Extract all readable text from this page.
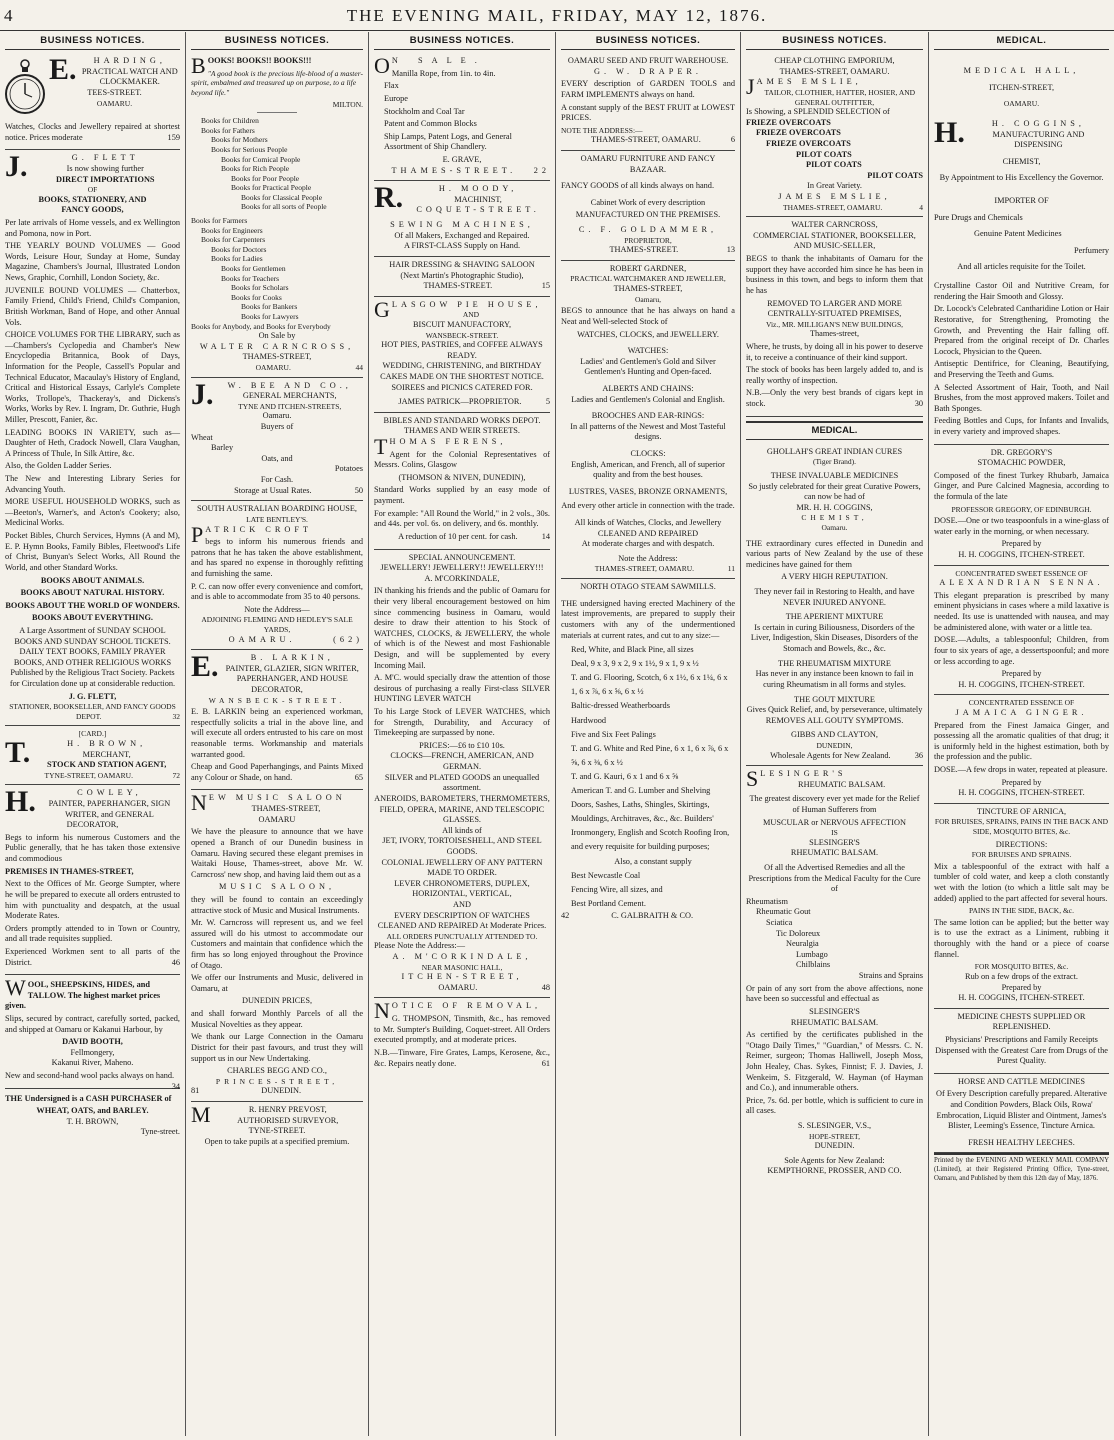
4	THE EVENING MAIL, FRIDAY, MAY 12, 1876.
BUSINESS NOTICES.
E.	HARDING,
PRACTICAL WATCH AND
CLOCKMAKER.
TEES-STREET.
OAMARU.

Watches, Clocks and Jewellery repaired at shortest notice. Prices moderate	159

J.	G. FLETT
Is now showing further
DIRECT IMPORTATIONS
OF
BOOKS, STATIONERY, AND
FANCY GOODS,

Per late arrivals of Home vessels, and ex Wellington and Pomona, now in Port.

THE YEARLY BOUND VOLUMES — Good Words, Leisure Hour, Sunday at Home, Sunday Magazine, Chambers's Journal, Illustrated London News, Graphic, Cornhill, London Society, &c.

JUVENILE BOUND VOLUMES — Chatterbox, Family Friend, Child's Friend, Child's Companion, British Workman, Band of Hope, and other Annual Vols.

CHOICE VOLUMES FOR THE LIBRARY, such as—Chambers's Cyclopedia and Chamber's New Encyclopedia Britannica, Book of Days, Information for the People, Cassell's Popular and Technical Educator, Macaulay's History of England, Critical and Historical Essays, Carlyle's Complete Works, Trollope's, Thackeray's, and Dickens's Works, Works by Rev. I. Ingram, Dr. Guthrie, Hugh Miller, Prescott, Fanier, &c.

LEADING BOOKS IN VARIETY, such as—Daughter of Heth, Cradock Nowell, Clara Vaughan, A Princess of Thule, In Silk Attire, &c.

Also, the Golden Ladder Series.

The New and Interesting Library Series for Advancing Youth.

MORE USEFUL HOUSEHOLD WORKS, such as—Beeton's, Warner's, and Acton's Cookery; also, Medicinal Works.

Pocket Bibles, Church Services, Hymns (A and M), E. P. Hymn Books, Family Bibles, Fleetwood's Life of Christ, Bunyan's Select Works, All Round the World, and other Standard Works.

BOOKS ABOUT ANIMALS.

BOOKS ABOUT NATURAL HISTORY.

BOOKS ABOUT THE WORLD OF WONDERS.

BOOKS ABOUT EVERYTHING.

A Large Assortment of SUNDAY SCHOOL BOOKS AND SUNDAY SCHOOL TICKETS. DAILY TEXT BOOKS, FAMILY PRAYER BOOKS, AND OTHER RELIGIOUS WORKS Published by the Religious Tract Society. Packets for Circulation done up at considerable reduction.

J. G. FLETT,
STATIONER, BOOKSELLER, AND FANCY GOODS DEPOT.	32
[CARD.]
T.	H. BROWN,
MERCHANT,
STOCK AND STATION AGENT,
TYNE-STREET, OAMARU.	72
H.	COWLEY,
PAINTER, PAPERHANGER, SIGN
WRITER, and GENERAL
DECORATOR,

Begs to inform his numerous Customers and the Public generally, that he has taken those extensive and commodious

PREMISES IN THAMES-STREET,

Next to the Offices of Mr. George Sumpter, where he will be prepared to execute all orders entrusted to him with punctuality and despatch, at the usual Moderate Rates.

Orders promptly attended to in Town or Country, and all trade requisites supplied.

Experienced Workmen sent to all parts of the District.	46

W OOL, SHEEPSKINS, HIDES, and TALLOW. The highest market prices given.

Slips, secured by contract, carefully sorted, packed, and shipped at Oamaru or Kakanui Harbour, by

DAVID BOOTH,
Fellmongery,
Kakanui River, Maheno.

New and second-hand wool packs always on hand.
34

THE Undersigned is a CASH PURCHASER of

WHEAT, OATS, and BARLEY.
T. H. BROWN,
Tyne-street.
BUSINESS NOTICES.
B OOKS! BOOKS!! BOOKS!!!

"A good book is the precious life-blood of a master-spirit, embalmed and treasured up on purpose, to a life beyond life."

MILTON.
Books for Children
Books for Fathers
Books for Mothers
Books for Serious People
Books for Comical People
Books for Rich People
Books for Poor People
Books for Practical People
Books for Classical People
Books for all sorts of People
Books for Farmers
Books for Engineers
Books for Carpenters
Books for Doctors
Books for Ladies
Books for Gentlemen
Books for Teachers
Books for Scholars
Books for Cooks
Books for Bankers
Books for Lawyers
Books for Anybody, and Books for Everybody
On Sale by
WALTER CARNCROSS,
THAMES-STREET,
OAMARU.	44
J.	W. BEE AND CO.,
GENERAL MERCHANTS,
TYNE AND ITCHEN-STREETS,
Oamaru.
Buyers of
Wheat
Barley
Oats, and
Potatoes
For Cash.
Storage at Usual Rates.	50
SOUTH AUSTRALIAN BOARDING HOUSE,
LATE BENTLEY'S.
P ATRICK CROFT

begs to inform his numerous friends and patrons that he has taken the above establishment, and has spared no expense in thoroughly refitting and furnishing the same.

P. C. can now offer every convenience and comfort, and is able to accommodate from 35 to 40 persons.

Note the Address—
ADJOINING FLEMING AND HEDLEY'S SALE YARDS,
OAMARU.	(62)
E.	B. LARKIN,
PAINTER, GLAZIER, SIGN WRITER,
PAPERHANGER, AND HOUSE
DECORATOR,
WANSBECK-STREET.

E. B. LARKIN being an experienced workman, respectfully solicits a trial in the above line, and will execute all orders entrusted to his care on most reasonable terms. Workmanship and materials warranted good.

Cheap and Good Paperhangings, and Paints Mixed any Colour or Shade, on hand.	65

N EW MUSIC SALOON
THAMES-STREET,
OAMARU

We have the pleasure to announce that we have opened a Branch of our Dunedin business in Oamaru. Having secured these elegant premises in Waitaki House, Thames-street, above Mr. W. Carncross' new shop, and having laid them out as a

MUSIC SALOON,

they will be found to contain an exceedingly attractive stock of Music and Musical Instruments.

Mr. W. Carncross will represent us, and we feel assured will do his utmost to accommodate our Customers and maintain that confidence which the firm has so long enjoyed throughout the Province of Otago.

We offer our Instruments and Music, delivered in Oamaru, at

DUNEDIN PRICES,

and shall forward Monthly Parcels of all the Musical Novelties as they appear.

We thank our Large Connection in the Oamaru District for their past favours, and trust they will support us in our New Undertaking.

CHARLES BEGG AND CO.,
PRINCES-STREET,
81	DUNEDIN.
M	R. HENRY PREVOST,
AUTHORISED SURVEYOR,
TYNE-STREET.
Open to take pupils at a specified premium.
BUSINESS NOTICES.
O N SALE.

Manilla Rope, from 1in. to 4in.

Flax

Europe

Stockholm and Coal Tar

Patent and Common Blocks

Ship Lamps, Patent Logs, and General Assortment of Ship Chandlery.

E. GRAVE,
THAMES-STREET. 22
R.	H. MOODY,
MACHINIST,
COQUET-STREET.
SEWING MACHINES,
Of all Makers, Exchanged and Repaired.
A FIRST-CLASS Supply on Hand.
HAIR DRESSING & SHAVING SALOON
(Next Martin's Photographic Studio),
THAMES-STREET.	15
G LASGOW PIE HOUSE,
AND
BISCUIT MANUFACTORY,
WANSBECK-STREET.
HOT PIES, PASTRIES, and COFFEE ALWAYS READY.
WEDDING, CHRISTENING, and BIRTHDAY CAKES MADE ON THE SHORTEST NOTICE.
SOIREES and PICNICS CATERED FOR.
JAMES PATRICK—PROPRIETOR.	5
BIBLES AND STANDARD WORKS DEPOT.
THAMES AND WEIR STREETS.
T HOMAS FERENS,

Agent for the Colonial Representatives of Messrs. Colins, Glasgow

(THOMSON & NIVEN, DUNEDIN),

Standard Works supplied by an easy mode of payment.

For example: "All Round the World," in 2 vols., 30s. and 44s. per vol. 6s. on delivery, and 6s. monthly.

A reduction of 10 per cent. for cash.	14

SPECIAL ANNOUNCEMENT.
JEWELLERY! JEWELLERY!! JEWELLERY!!!
A. M'CORKINDALE,

IN thanking his friends and the public of Oamaru for their very liberal encouragement bestowed on him since commencing business in Oamaru, would desire to draw their attention to his Stock of WATCHES, CLOCKS, & JEWELLERY, the whole of which is of the Newest and most Fashionable Design, and will be supplemented by every Incoming Mail.

A. M'C. would specially draw the attention of those desirous of purchasing a really First-class SILVER HUNTING LEVER WATCH

To his Large Stock of LEVER WATCHES, which for Strength, Durability, and Accuracy of Timekeeping are surpassed by none.

PRICES:—£6 to £10 10s.
CLOCKS—FRENCH, AMERICAN, AND GERMAN.
SILVER and PLATED GOODS an unequalled assortment.
ANEROIDS, BAROMETERS, THERMOMETERS, FIELD, OPERA, MARINE, AND TELESCOPIC GLASSES.
All kinds of
JET, IVORY, TORTOISESHELL, AND STEEL GOODS.
COLONIAL JEWELLERY OF ANY PATTERN MADE TO ORDER.
LEVER CHRONOMETERS, DUPLEX, HORIZONTAL, VERTICAL,
AND
EVERY DESCRIPTION OF WATCHES CLEANED AND REPAIRED At Moderate Prices.
ALL ORDERS PUNCTUALLY ATTENDED TO.
Please Note the Address:—
A. M'CORKINDALE,
NEAR MASONIC HALL,
ITCHEN-STREET,
OAMARU.	48
N OTICE OF REMOVAL,

G. THOMPSON, Tinsmith, &c., has removed to Mr. Sumpter's Building, Coquet-street. All Orders executed promptly, and at moderate prices.

N.B.—Tinware, Fire Grates, Lamps, Kerosene, &c., &c. Repairs neatly done.	61

BUSINESS NOTICES.
OAMARU SEED AND FRUIT WAREHOUSE.
G. W. DRAPER.

EVERY description of GARDEN TOOLS and FARM IMPLEMENTS always on hand.

A constant supply of the BEST FRUIT at LOWEST PRICES.

NOTE THE ADDRESS:—
THAMES-STREET, OAMARU.	6
OAMARU FURNITURE AND FANCY
BAZAAR.

FANCY GOODS of all kinds always on hand.

Cabinet Work of every description

MANUFACTURED ON THE PREMISES.
C. F. GOLDAMMER,
PROPRIETOR,
THAMES-STREET.	13
ROBERT GARDNER,
PRACTICAL WATCHMAKER AND JEWELLER,
THAMES-STREET,
Oamaru,

BEGS to announce that he has always on hand a Neat and Well-selected Stock of

WATCHES, CLOCKS, and JEWELLERY.
WATCHES:
Ladies' and Gentlemen's Gold and Silver Gentlemen's Hunting and Open-faced.
ALBERTS AND CHAINS:
Ladies and Gentlemen's Colonial and English.
BROOCHES AND EAR-RINGS:
In all patterns of the Newest and Most Tasteful designs.
CLOCKS:
English, American, and French, all of superior quality and from the best houses.
LUSTRES, VASES, BRONZE ORNAMENTS,
And every other article in connection with the trade.
All kinds of Watches, Clocks, and Jewellery CLEANED AND REPAIRED
At moderate charges and with despatch.
Note the Address:
THAMES-STREET, OAMARU.	11
NORTH OTAGO STEAM SAWMILLS.

THE undersigned having erected Machinery of the latest improvements, are prepared to supply their customers with any of the undermentioned materials at current rates, and cut to any size:—

Red, White, and Black Pine, all sizes
Deal, 9 x 3, 9 x 2, 9 x 1½, 9 x 1, 9 x ½
T. and G. Flooring, Scotch, 6 x 1½, 6 x 1¼, 6 x 1, 6 x ⅞, 6 x ⅝, 6 x ½
Baltic-dressed Weatherboards
Hardwood
Five and Six Feet Palings
T. and G. White and Red Pine, 6 x 1, 6 x ⅞, 6 x ⅝, 6 x ⅜, 6 x ½
T. and G. Kauri, 6 x 1 and 6 x ⅝
American T. and G. Lumber and Shelving
Doors, Sashes, Laths, Shingles, Skirtings, Mouldings, Architraves, &c., &c. Builders' Ironmongery, English and Scotch Roofing Iron, and every requisite for building purposes;
Also, a constant supply
Best Newcastle Coal
Fencing Wire, all sizes, and
Best Portland Cement.
42	C. GALBRAITH & CO.
BUSINESS NOTICES.
CHEAP CLOTHING EMPORIUM,
THAMES-STREET, OAMARU.
J AMES EMSLIE,
TAILOR, CLOTHIER, HATTER, HOSIER, AND GENERAL OUTFITTER,
Is Showing, a SPLENDID SELECTION of
FRIEZE OVERCOATS
FRIEZE OVERCOATS
FRIEZE OVERCOATS
PILOT COATS
PILOT COATS
PILOT COATS
In Great Variety.
JAMES EMSLIE,
THAMES-STREET, OAMARU.	4
WALTER CARNCROSS,
COMMERCIAL STATIONER, BOOKSELLER, AND MUSIC-SELLER,

BEGS to thank the inhabitants of Oamaru for the support they have accorded him since he has been in business in this town, and begs to inform them that he has

REMOVED TO LARGER AND MORE
CENTRALLY-SITUATED PREMISES,
Viz., MR. MILLIGAN'S NEW BUILDINGS,
Thames-street,

Where, he trusts, by doing all in his power to deserve it, to receive a continuance of their kind support.

The stock of books has been largely added to, and is really worthy of inspection.

N.B.—Only the very best brands of cigars kept in stock.	30

MEDICAL.
GHOLLAH'S GREAT INDIAN CURES
(Tiger Brand).
THESE INVALUABLE MEDICINES
So justly celebrated for their great Curative Powers, can now be had of
MR. H. H. COGGINS,
CHEMIST,
Oamaru.

THE extraordinary cures effected in Dunedin and various parts of New Zealand by the use of these medicines have gained for them

A VERY HIGH REPUTATION.
They never fail in Restoring to Health, and have
NEVER INJURED ANYONE.
THE APERIENT MIXTURE
Is certain in curing Biliousness, Disorders of the Liver, Indigestion, Skin Diseases, Disorders of the Stomach and Bowels, &c., &c.
THE RHEUMATISM MIXTURE
Has never in any instance been known to fail in curing Rheumatism in all forms and styles.
THE GOUT MIXTURE
Gives Quick Relief, and, by perseverance, ultimately
REMOVES ALL GOUTY SYMPTOMS.
GIBBS AND CLAYTON,
DUNEDIN,
Wholesale Agents for New Zealand.	36
S LESINGER'S
RHEUMATIC BALSAM.

The greatest discovery ever yet made for the Relief of Human Sufferers from

MUSCULAR or NERVOUS AFFECTION
IS
SLESINGER'S
RHEUMATIC BALSAM.

Of all the Advertised Remedies and all the Prescriptions from the Medical Faculty for the Cure of

Rheumatism
Rheumatic Gout
Sciatica
Tic Doloreux
Neuralgia
Lumbago
Chilblains
Strains and Sprains

Or pain of any sort from the above affections, none have been so successful and effectual as

SLESINGER'S
RHEUMATIC BALSAM.

As certified by the certificates published in the "Otago Daily Times," "Guardian," of Messrs. C. N. Reimer, surgeon; Thomas Halliwell, Joseph Moss, John Healey, Chas. Sykes, Finnist; F. J. Davies, J. Wenkeim, S. Fitzgerald, W. Hayman (of Hayman and Co.), and innumerable others.

Price, 7s. 6d. per bottle, which is sufficient to cure in all cases.

S. SLESINGER, V.S.,
HOPE-STREET,
DUNEDIN.
Sole Agents for New Zealand:
KEMPTHORNE, PROSSER, AND CO.
MEDICAL.
MEDICAL HALL,
ITCHEN-STREET,
OAMARU.
H.	H. COGGINS,
MANUFACTURING AND DISPENSING
CHEMIST,
By Appointment to His Excellency the Governor.
IMPORTER OF
Pure Drugs and Chemicals
Genuine Patent Medicines
Perfumery
And all articles requisite for the Toilet.

Crystalline Castor Oil and Nutritive Cream, for rendering the Hair Smooth and Glossy.

Dr. Locock's Celebrated Cantharidine Lotion or Hair Restorative, for Strengthening, Promoting the Growth, and Preventing the Hair falling off. Prepared from the original receipt of Dr. Charles Locock, Physician to the Queen.

Antiseptic Dentifrice, for Cleaning, Beautifying, and Preserving the Teeth and Gums.

A Selected Assortment of Hair, Tooth, and Nail Brushes, from the most approved makers. Toilet and Bath Sponges.

Feeding Bottles and Cups, for Infants and Invalids, in every variety and improved shapes.

DR. GREGORY'S
STOMACHIC POWDER,

Composed of the finest Turkey Rhubarb, Jamaica Ginger, and Pure Calcined Magnesia, according to the formula of the late

PROFESSOR GREGORY, OF EDINBURGH.

DOSE.—One or two teaspoonfuls in a wine-glass of water early in the morning, or when necessary.

Prepared by
H. H. COGGINS, ITCHEN-STREET.
CONCENTRATED SWEET ESSENCE OF
ALEXANDRIAN SENNA.

This elegant preparation is prescribed by many eminent physicians in cases where a mild laxative is needed. Its use is unattended with nausea, and may be administered alone, with water or a little tea.

DOSE.—Adults, a tablespoonful; Children, from four to six years of age, a dessertspoonful; and more or less according to age.

Prepared by
H. H. COGGINS, ITCHEN-STREET.
CONCENTRATED ESSENCE OF
JAMAICA GINGER.

Prepared from the Finest Jamaica Ginger, and possessing all the aromatic qualities of that drug; it is uniformly held in the highest estimation, both by the profession and the public.

DOSE.—A few drops in water, repeated at pleasure.

Prepared by
H. H. COGGINS, ITCHEN-STREET.
TINCTURE OF ARNICA,
FOR BRUISES, SPRAINS, PAINS IN THE BACK AND SIDE, MOSQUITO BITES, &c.
DIRECTIONS:
FOR BRUISES AND SPRAINS.

Mix a tablespoonful of the extract with half a tumbler of cold water, and keep a cloth constantly wet with the lotion (to which a little salt may be added) applied to the part affected for several hours.

PAINS IN THE SIDE, BACK, &c.

The same lotion can be applied; but the better way is to use the extract as a Liniment, rubbing it thoroughly with the hand or a piece of coarse flannel.

FOR MOSQUITO BITES, &c.
Rub on a few drops of the extract.
Prepared by
H. H. COGGINS, ITCHEN-STREET.
MEDICINE CHESTS SUPPLIED OR REPLENISHED.

Physicians' Prescriptions and Family Receipts Dispensed with the Greatest Care from Drugs of the Purest Quality.

HORSE AND CATTLE MEDICINES

Of Every Description carefully prepared. Alterative and Condition Powders, Black Oils, Rowa' Embrocation, Liquid Blister and Ointment, James's Blister, Leeming's Essence, Tincture Arnica.

FRESH HEALTHY LEECHES.
Printed by the EVENING AND WEEKLY MAIL COMPANY (Limited), at their Registered Printing Office, Tyne-street, Oamaru, and Published by them this 12th day of May, 1876.
